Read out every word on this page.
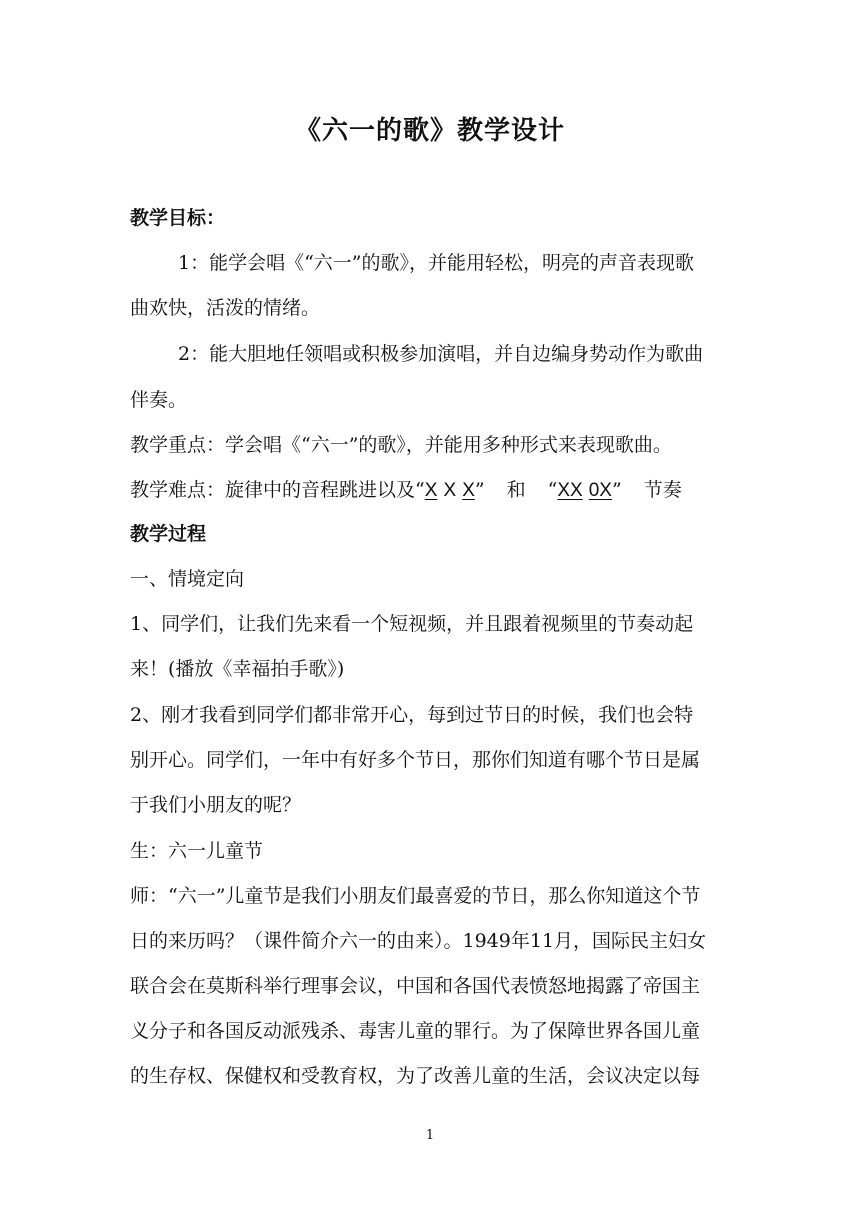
《六一的歌》教学设计
教学目标：
1：能学会唱《“六一”的歌》，并能用轻松，明亮的声音表现歌
曲欢快，活泼的情绪。
2：能大胆地任领唱或积极参加演唱，并自边编身势动作为歌曲
伴奏。
教学重点：学会唱《“六一”的歌》，并能用多种形式来表现歌曲。
教学难点：旋律中的音程跳进以及“X X X” 和 “XX 0X” 节奏
教学过程
一、情境定向
1、同学们，让我们先来看一个短视频，并且跟着视频里的节奏动起
来！(播放《幸福拍手歌》)
2、刚才我看到同学们都非常开心，每到过节日的时候，我们也会特
别开心。同学们，一年中有好多个节日，那你们知道有哪个节日是属
于我们小朋友的呢？
生：六一儿童节
师：“六一”儿童节是我们小朋友们最喜爱的节日，那么你知道这个节
日的来历吗？（课件简介六一的由来）。1949年11月，国际民主妇女
联合会在莫斯科举行理事会议，中国和各国代表愤怒地揭露了帝国主
义分子和各国反动派残杀、毒害儿童的罪行。为了保障世界各国儿童
的生存权、保健权和受教育权，为了改善儿童的生活，会议决定以每
1
